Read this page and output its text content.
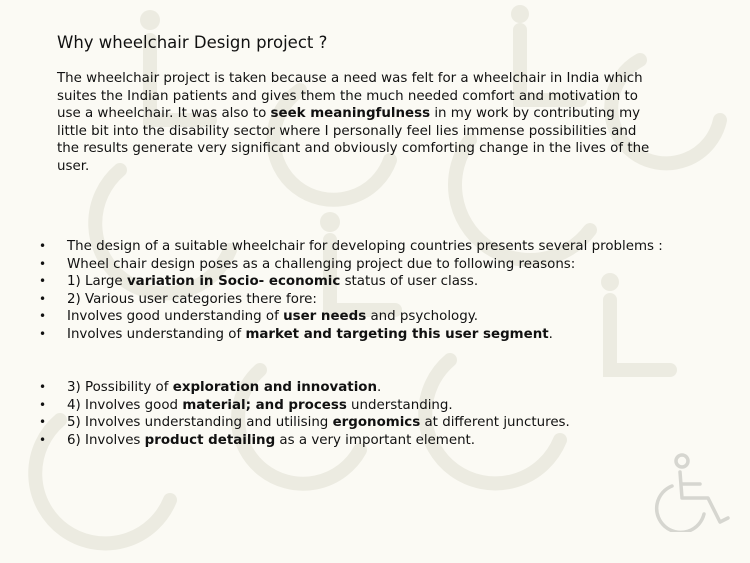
Why wheelchair Design project ?

The wheelchair project is taken because a need was felt for a wheelchair in India which suites the Indian patients and gives them the much needed comfort and motivation to use a wheelchair. It was also to seek meaningfulness in my work by contributing my little bit into the disability sector where I personally feel lies immense possibilities and the results generate very significant and obviously comforting change in the lives of the user.

• The design of a suitable wheelchair for developing countries presents several problems :
• Wheel chair design poses as a challenging project due to following reasons:
• 1) Large variation in Socio- economic status of user class.
• 2) Various user categories there fore:
• Involves good understanding of user needs and psychology.
• Involves understanding of market and targeting this user segment.
• 3) Possibility of exploration and innovation.
• 4) Involves good material; and process understanding.
• 5) Involves understanding and utilising ergonomics at different junctures.
• 6) Involves product detailing as a very important element.
